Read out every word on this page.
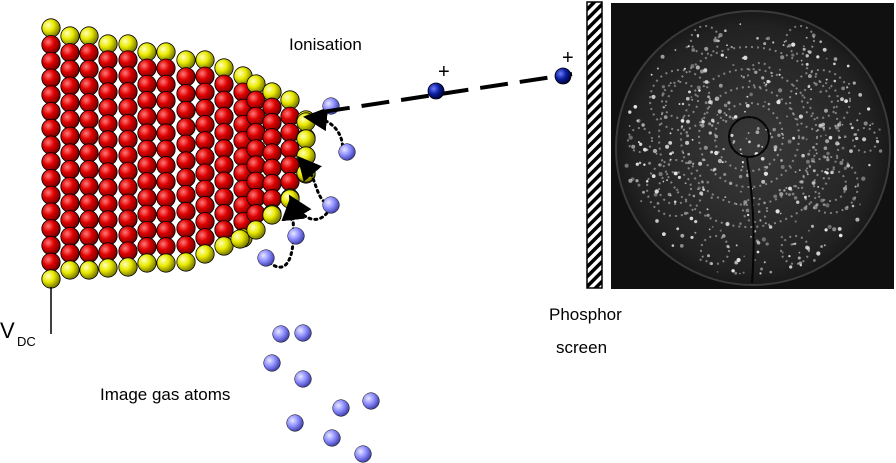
Ionisation
+
+
Phosphor
screen
Image gas atoms
V DC
